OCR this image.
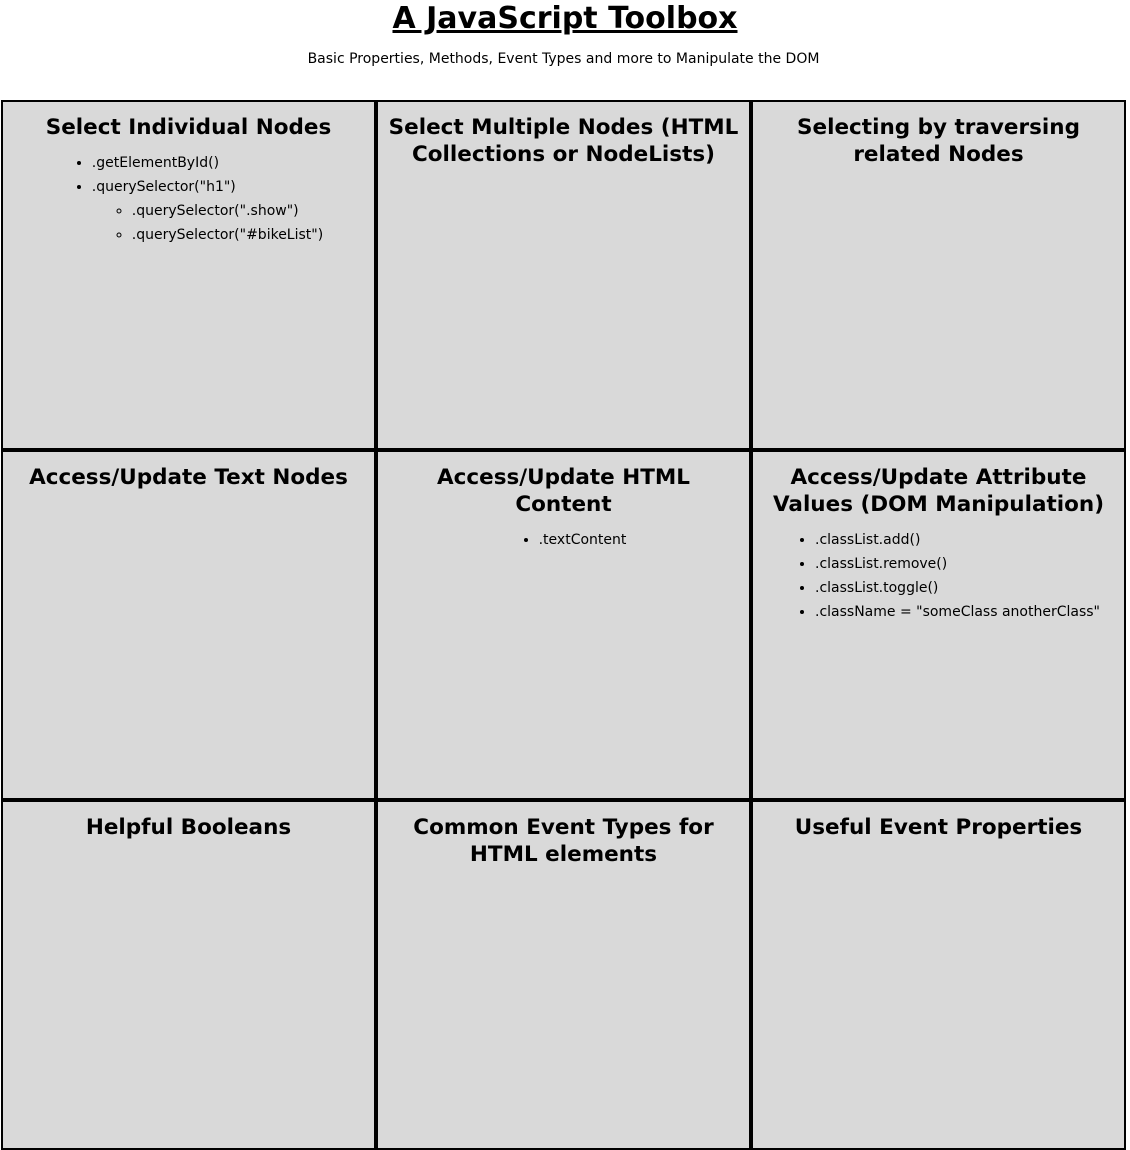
A JavaScript Toolbox

Basic Properties, Methods, Event Types and more to Manipulate the DOM

Select Individual Nodes
• .getElementById()
• .querySelector("h1")
◦ .querySelector(".show")
◦ .querySelector("#bikeList")
Select Multiple Nodes (HTML Collections or NodeLists)
Selecting by traversing related Nodes
Access/Update Text Nodes	Access/Update HTML Content
• .textContent
Access/Update Attribute Values (DOM Manipulation)
• .classList.add()
• .classList.remove()
• .classList.toggle()
• .className = "someClass anotherClass"
Helpful Booleans	Common Event Types for HTML elements
Useful Event Properties
